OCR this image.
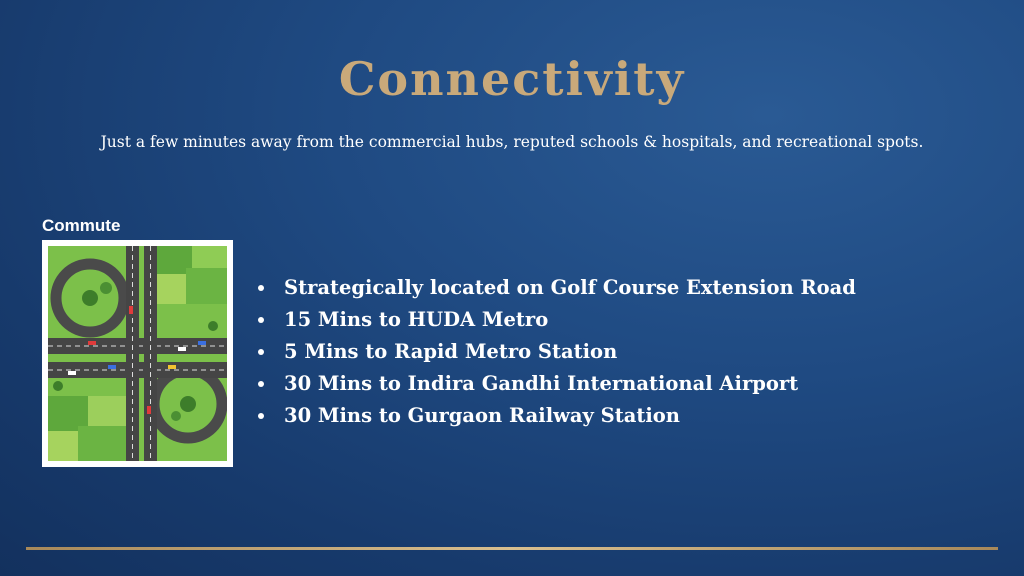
Connectivity
Just a few minutes away from the commercial hubs, reputed schools & hospitals, and recreational spots.
Commute
Strategically located on Golf Course Extension Road
15 Mins to HUDA Metro
5 Mins to Rapid Metro Station
30 Mins to Indira Gandhi International Airport
30 Mins to Gurgaon Railway Station
